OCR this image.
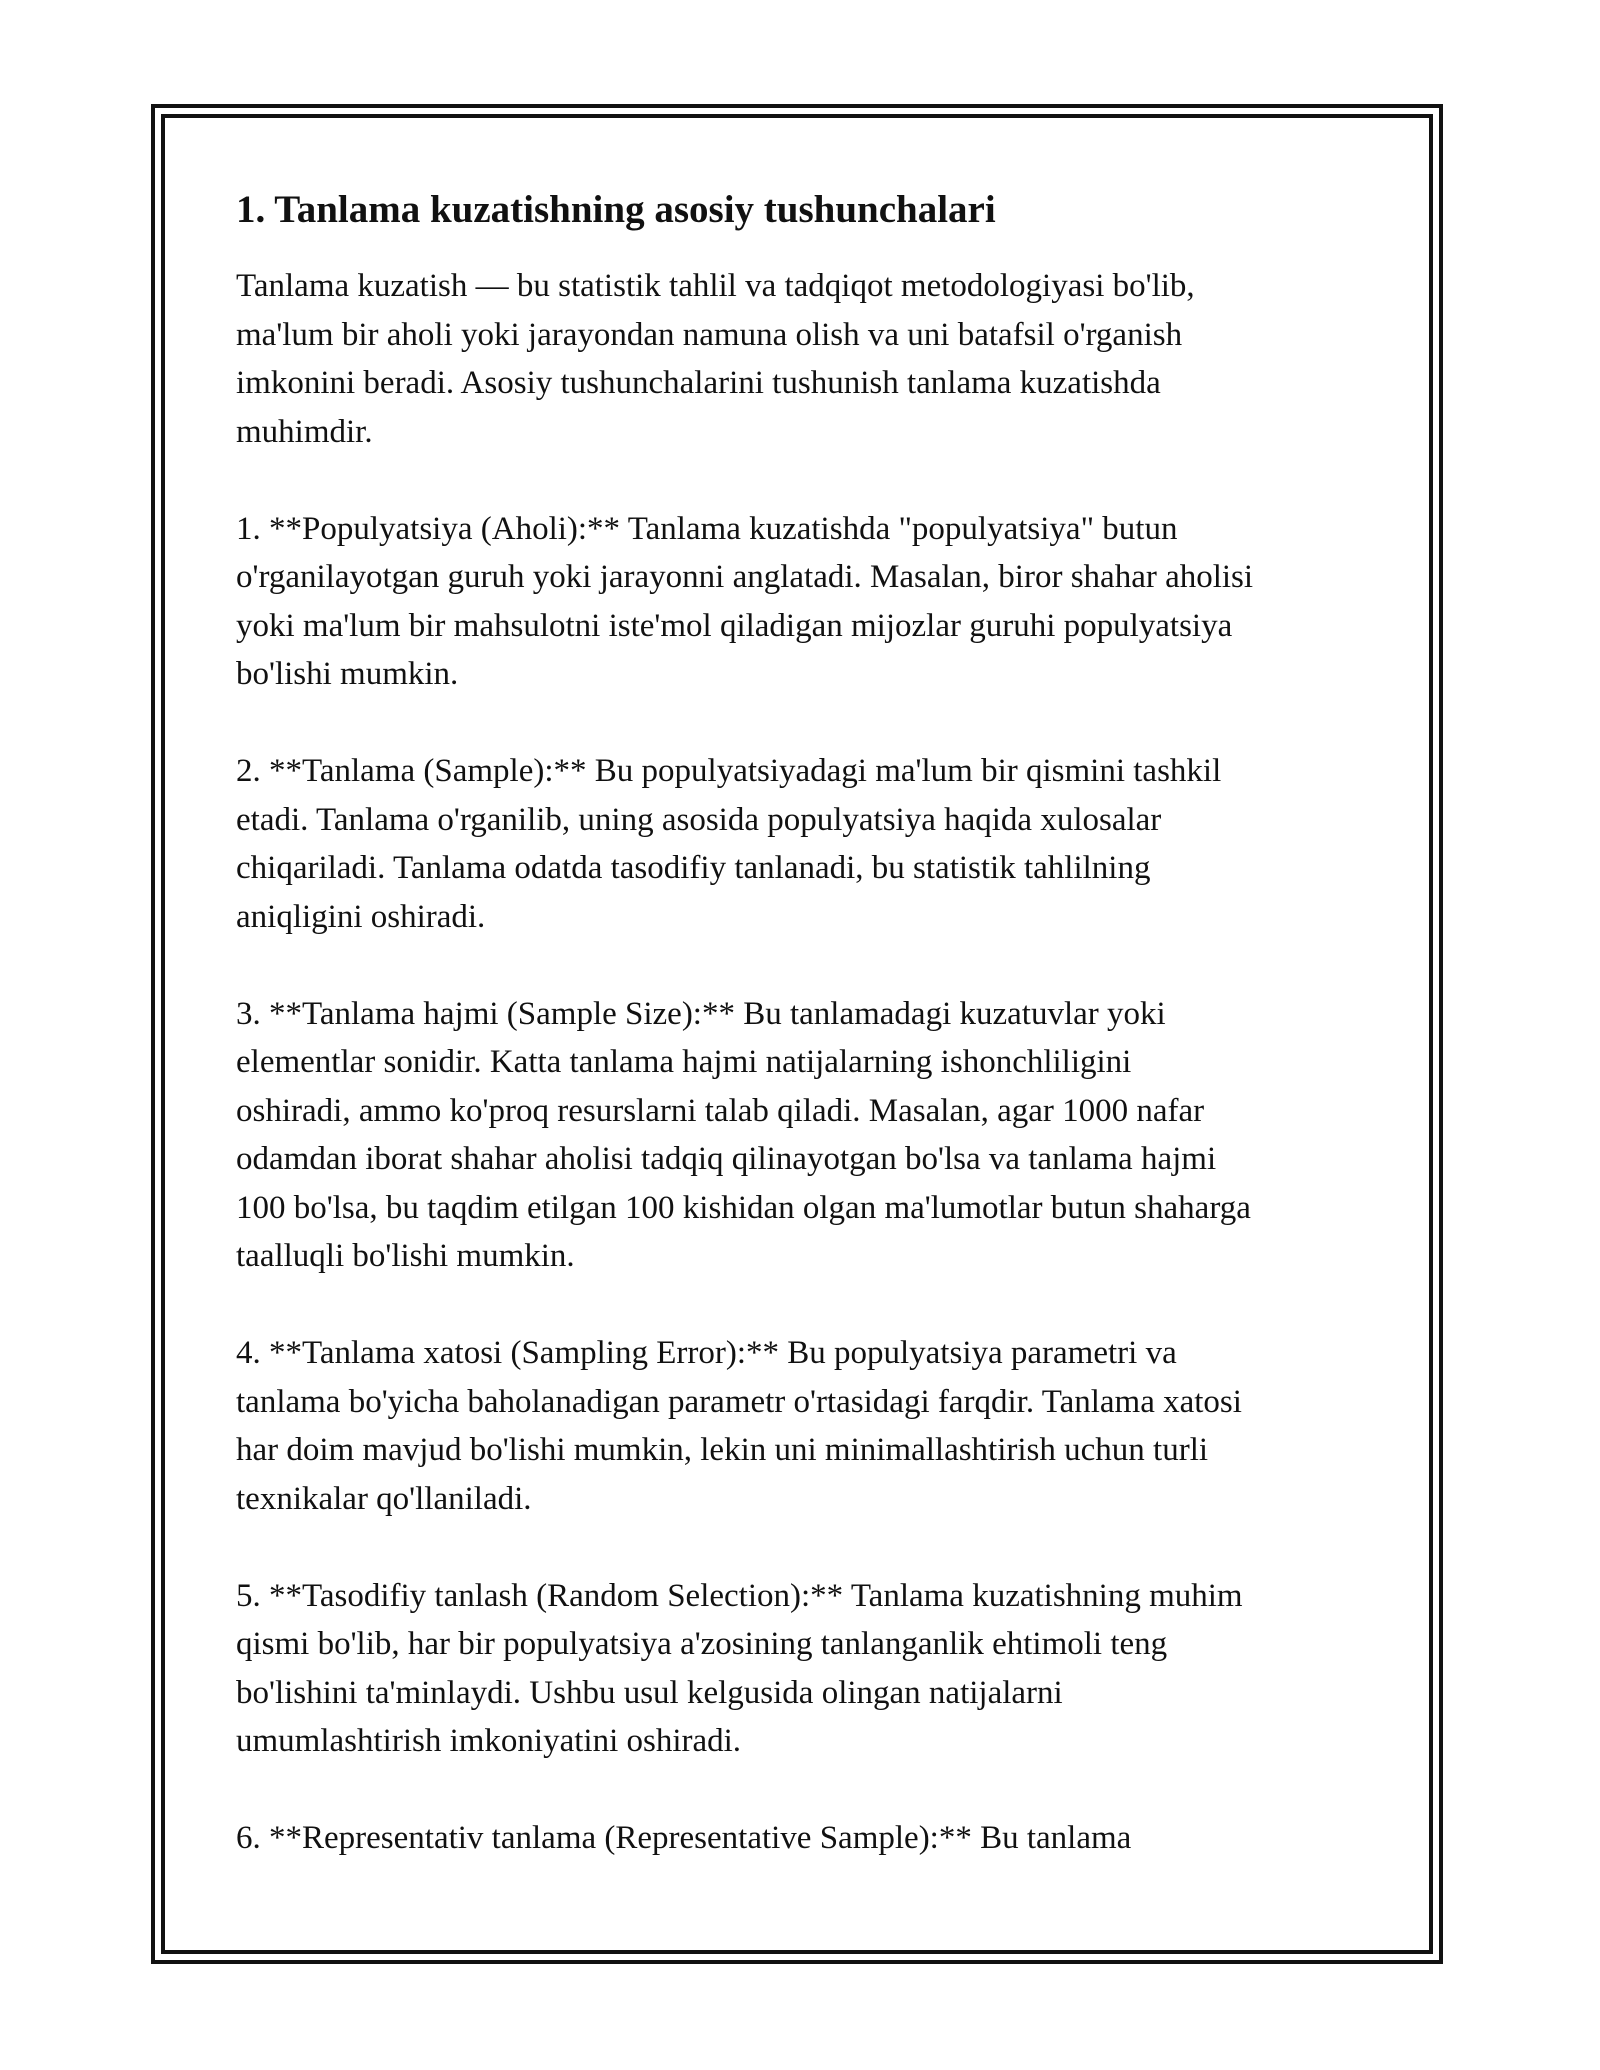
1. Tanlama kuzatishning asosiy tushunchalari

Tanlama kuzatish — bu statistik tahlil va tadqiqot metodologiyasi bo'lib,
ma'lum bir aholi yoki jarayondan namuna olish va uni batafsil o'rganish
imkonini beradi. Asosiy tushunchalarini tushunish tanlama kuzatishda
muhimdir.

1. **Populyatsiya (Aholi):** Tanlama kuzatishda "populyatsiya" butun
o'rganilayotgan guruh yoki jarayonni anglatadi. Masalan, biror shahar aholisi
yoki ma'lum bir mahsulotni iste'mol qiladigan mijozlar guruhi populyatsiya
bo'lishi mumkin.

2. **Tanlama (Sample):** Bu populyatsiyadagi ma'lum bir qismini tashkil
etadi. Tanlama o'rganilib, uning asosida populyatsiya haqida xulosalar
chiqariladi. Tanlama odatda tasodifiy tanlanadi, bu statistik tahlilning
aniqligini oshiradi.

3. **Tanlama hajmi (Sample Size):** Bu tanlamadagi kuzatuvlar yoki
elementlar sonidir. Katta tanlama hajmi natijalarning ishonchliligini
oshiradi, ammo ko'proq resurslarni talab qiladi. Masalan, agar 1000 nafar
odamdan iborat shahar aholisi tadqiq qilinayotgan bo'lsa va tanlama hajmi
100 bo'lsa, bu taqdim etilgan 100 kishidan olgan ma'lumotlar butun shaharga
taalluqli bo'lishi mumkin.

4. **Tanlama xatosi (Sampling Error):** Bu populyatsiya parametri va
tanlama bo'yicha baholanadigan parametr o'rtasidagi farqdir. Tanlama xatosi
har doim mavjud bo'lishi mumkin, lekin uni minimallashtirish uchun turli
texnikalar qo'llaniladi.

5. **Tasodifiy tanlash (Random Selection):** Tanlama kuzatishning muhim
qismi bo'lib, har bir populyatsiya a'zosining tanlanganlik ehtimoli teng
bo'lishini ta'minlaydi. Ushbu usul kelgusida olingan natijalarni
umumlashtirish imkoniyatini oshiradi.

6. **Representativ tanlama (Representative Sample):** Bu tanlama
